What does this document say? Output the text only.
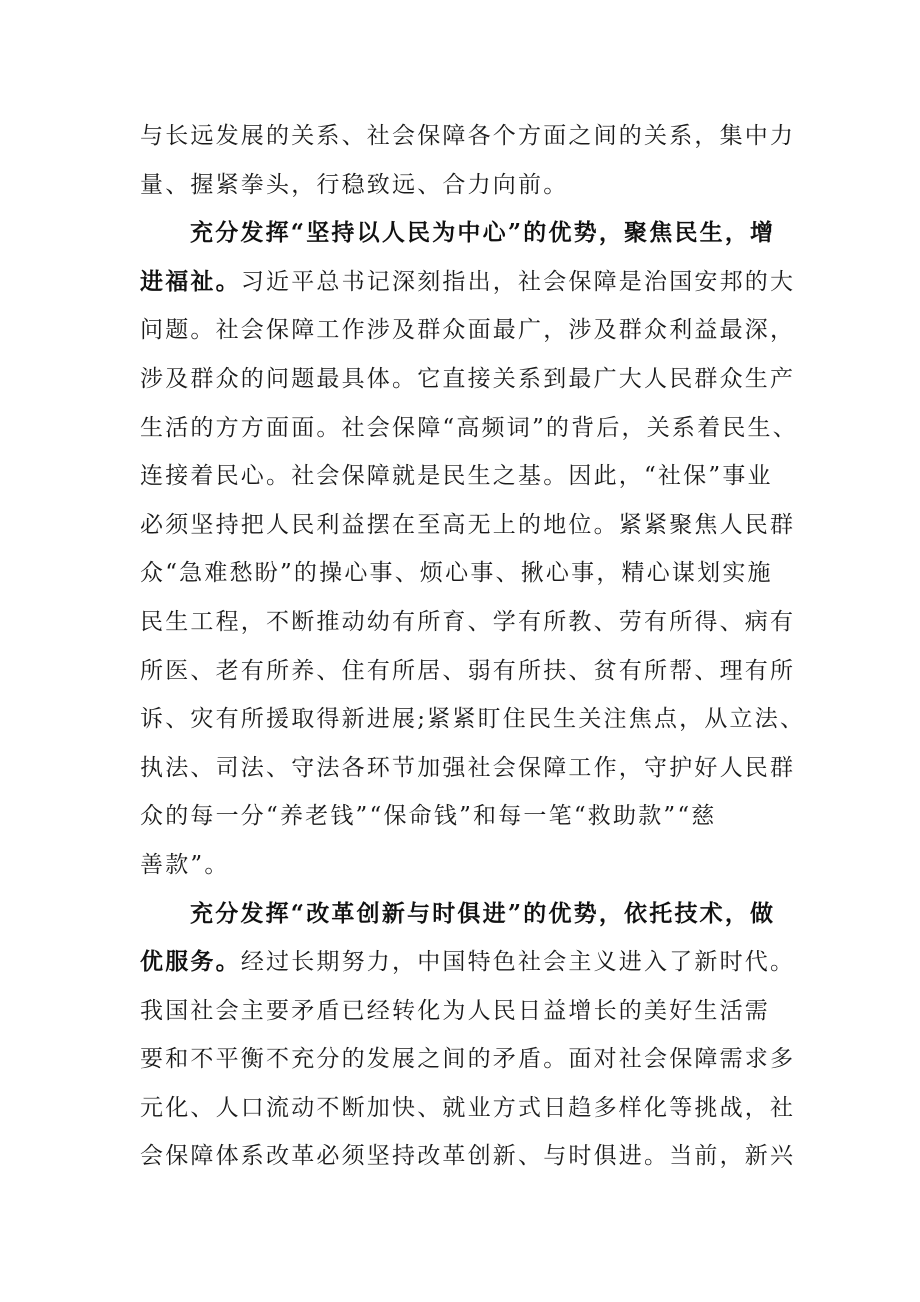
与长远发展的关系、社会保障各个方面之间的关系，集中力
量、握紧拳头，行稳致远、合力向前。
充分发挥“坚持以人民为中心”的优势，聚焦民生，增
进福祉。习近平总书记深刻指出，社会保障是治国安邦的大
问题。社会保障工作涉及群众面最广，涉及群众利益最深，
涉及群众的问题最具体。它直接关系到最广大人民群众生产
生活的方方面面。社会保障“高频词”的背后，关系着民生、
连接着民心。社会保障就是民生之基。因此，“社保”事业
必须坚持把人民利益摆在至高无上的地位。紧紧聚焦人民群
众“急难愁盼”的操心事、烦心事、揪心事，精心谋划实施
民生工程，不断推动幼有所育、学有所教、劳有所得、病有
所医、老有所养、住有所居、弱有所扶、贫有所帮、理有所
诉、灾有所援取得新进展;紧紧盯住民生关注焦点，从立法、
执法、司法、守法各环节加强社会保障工作，守护好人民群
众的每一分“养老钱”“保命钱”和每一笔“救助款”“慈
善款”。
充分发挥“改革创新与时俱进”的优势，依托技术，做
优服务。经过长期努力，中国特色社会主义进入了新时代。
我国社会主要矛盾已经转化为人民日益增长的美好生活需
要和不平衡不充分的发展之间的矛盾。面对社会保障需求多
元化、人口流动不断加快、就业方式日趋多样化等挑战，社
会保障体系改革必须坚持改革创新、与时俱进。当前，新兴
